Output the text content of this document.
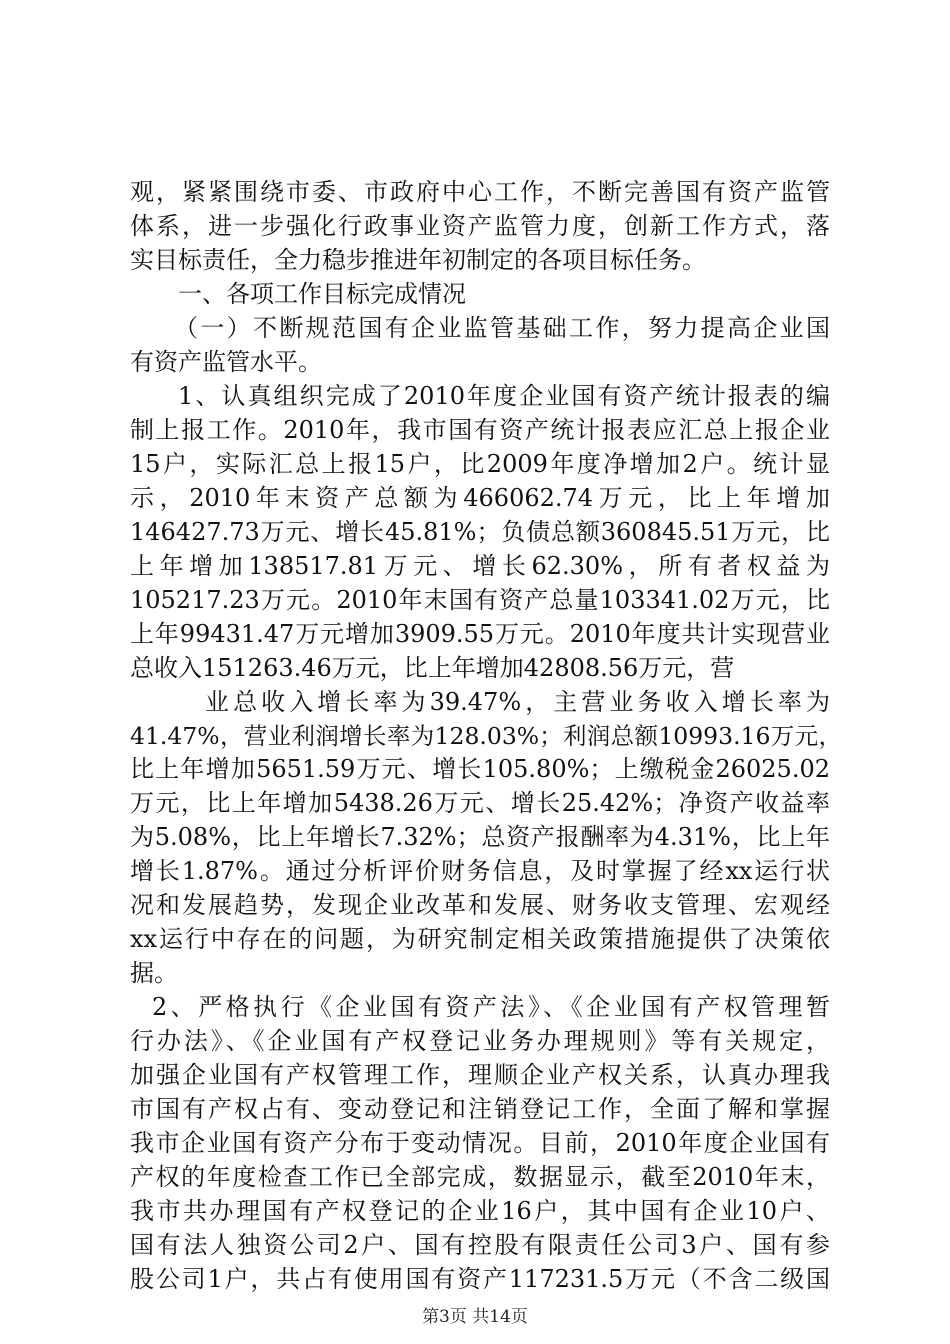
观，紧紧围绕市委、市政府中心工作，不断完善国有资产监管
体系，进一步强化行政事业资产监管力度，创新工作方式，落
实目标责任，全力稳步推进年初制定的各项目标任务。
一、各项工作目标完成情况
（一）不断规范国有企业监管基础工作，努力提高企业国
有资产监管水平。
1、认真组织完成了2010年度企业国有资产统计报表的编
制上报工作。2010年，我市国有资产统计报表应汇总上报企业
15户，实际汇总上报15户，比2009年度净增加2户。统计显
示，2010年末资产总额为466062.74万元，比上年增加
146427.73万元、增长45.81%；负债总额360845.51万元，比
上年增加138517.81万元、增长62.30%，所有者权益为
105217.23万元。2010年末国有资产总量103341.02万元，比
上年99431.47万元增加3909.55万元。2010年度共计实现营业
总收入151263.46万元，比上年增加42808.56万元，营
业总收入增长率为39.47%，主营业务收入增长率为
41.47%，营业利润增长率为128.03%；利润总额10993.16万元，
比上年增加5651.59万元、增长105.80%；上缴税金26025.02
万元，比上年增加5438.26万元、增长25.42%；净资产收益率
为5.08%，比上年增长7.32%；总资产报酬率为4.31%，比上年
增长1.87%。通过分析评价财务信息，及时掌握了经xx运行状
况和发展趋势，发现企业改革和发展、财务收支管理、宏观经
xx运行中存在的问题，为研究制定相关政策措施提供了决策依
据。
2、严格执行《企业国有资产法》、《企业国有产权管理暂
行办法》、《企业国有产权登记业务办理规则》等有关规定，
加强企业国有产权管理工作，理顺企业产权关系，认真办理我
市国有产权占有、变动登记和注销登记工作，全面了解和掌握
我市企业国有资产分布于变动情况。目前，2010年度企业国有
产权的年度检查工作已全部完成，数据显示，截至2010年末，
我市共办理国有产权登记的企业16户，其中国有企业10户、
国有法人独资公司2户、国有控股有限责任公司3户、国有参
股公司1户，共占有使用国有资产117231.5万元（不含二级国
第3页 共14页
